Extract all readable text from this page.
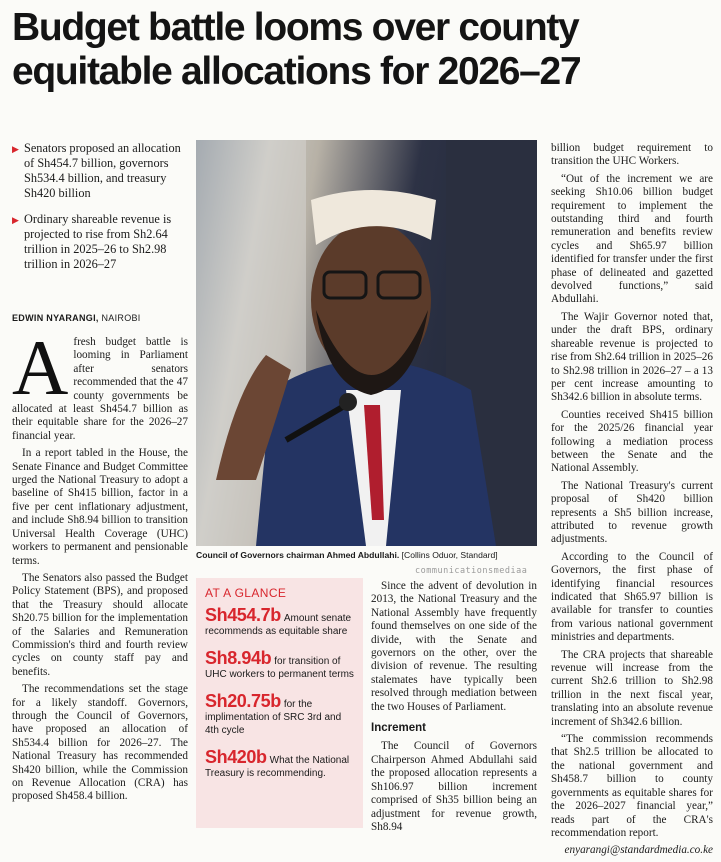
Budget battle looms over county equitable allocations for 2026–27
▶ Senators proposed an allocation of Sh454.7 billion, governors Sh534.4 billion, and treasury Sh420 billion
▶ Ordinary shareable revenue is projected to rise from Sh2.64 trillion in 2025–26 to Sh2.98 trillion in 2026–27
EDWIN NYARANGI, NAIROBI

Afresh budget battle is looming in Parliament after senators recommended that the 47 county governments be allocated at least Sh454.7 billion as their equitable share for the 2026–27 financial year.

In a report tabled in the House, the Senate Finance and Budget Committee urged the National Treasury to adopt a baseline of Sh415 billion, factor in a five per cent inflationary adjustment, and include Sh8.94 billion to transition Universal Health Coverage (UHC) workers to permanent and pensionable terms.

The Senators also passed the Budget Policy Statement (BPS), and proposed that the Treasury should allocate Sh20.75 billion for the implementation of the Salaries and Remuneration Commission's third and fourth review cycles on county staff pay and benefits.

The recommendations set the stage for a likely standoff. Governors, through the Council of Governors, have proposed an allocation of Sh534.4 billion for 2026–27. The National Treasury has recommended Sh420 billion, while the Commission on Revenue Allocation (CRA) has proposed Sh458.4 billion.

Council of Governors chairman Ahmed Abdullahi. [Collins Oduor, Standard]
communicationsmediaa
AT A GLANCE
Sh454.7b Amount senate recommends as equitable share
Sh8.94b for transition of UHC workers to permanent terms
Sh20.75b for the implimentation of SRC 3rd and 4th cycle
Sh420b What the National Treasury is recommending.

Since the advent of devolution in 2013, the National Treasury and the National Assembly have frequently found themselves on one side of the divide, with the Senate and governors on the other, over the division of revenue. The resulting stalemates have typically been resolved through mediation between the two Houses of Parliament.

Increment

The Council of Governors Chairperson Ahmed Abdullahi said the proposed allocation represents a Sh106.97 billion increment comprised of Sh35 billion being an adjustment for revenue growth, Sh8.94

billion budget requirement to transition the UHC Workers.

“Out of the increment we are seeking Sh10.06 billion budget requirement to implement the outstanding third and fourth remuneration and benefits review cycles and Sh65.97 billion identified for transfer under the first phase of delineated and gazetted devolved functions,” said Abdullahi.

The Wajir Governor noted that, under the draft BPS, ordinary shareable revenue is projected to rise from Sh2.64 trillion in 2025–26 to Sh2.98 trillion in 2026–27 – a 13 per cent increase amounting to Sh342.6 billion in absolute terms.

Counties received Sh415 billion for the 2025/26 financial year following a mediation process between the Senate and the National Assembly.

The National Treasury's current proposal of Sh420 billion represents a Sh5 billion increase, attributed to revenue growth adjustments.

According to the Council of Governors, the first phase of identifying financial resources indicated that Sh65.97 billion is available for transfer to counties from various national government ministries and departments.

The CRA projects that shareable revenue will increase from the current Sh2.6 trillion to Sh2.98 trillion in the next fiscal year, translating into an absolute revenue increment of Sh342.6 billion.

“The commission recommends that Sh2.5 trillion be allocated to the national government and Sh458.7 billion to county governments as equitable shares for the 2026–2027 financial year,” reads part of the CRA's recommendation report.

enyarangi@standardmedia.co.ke
